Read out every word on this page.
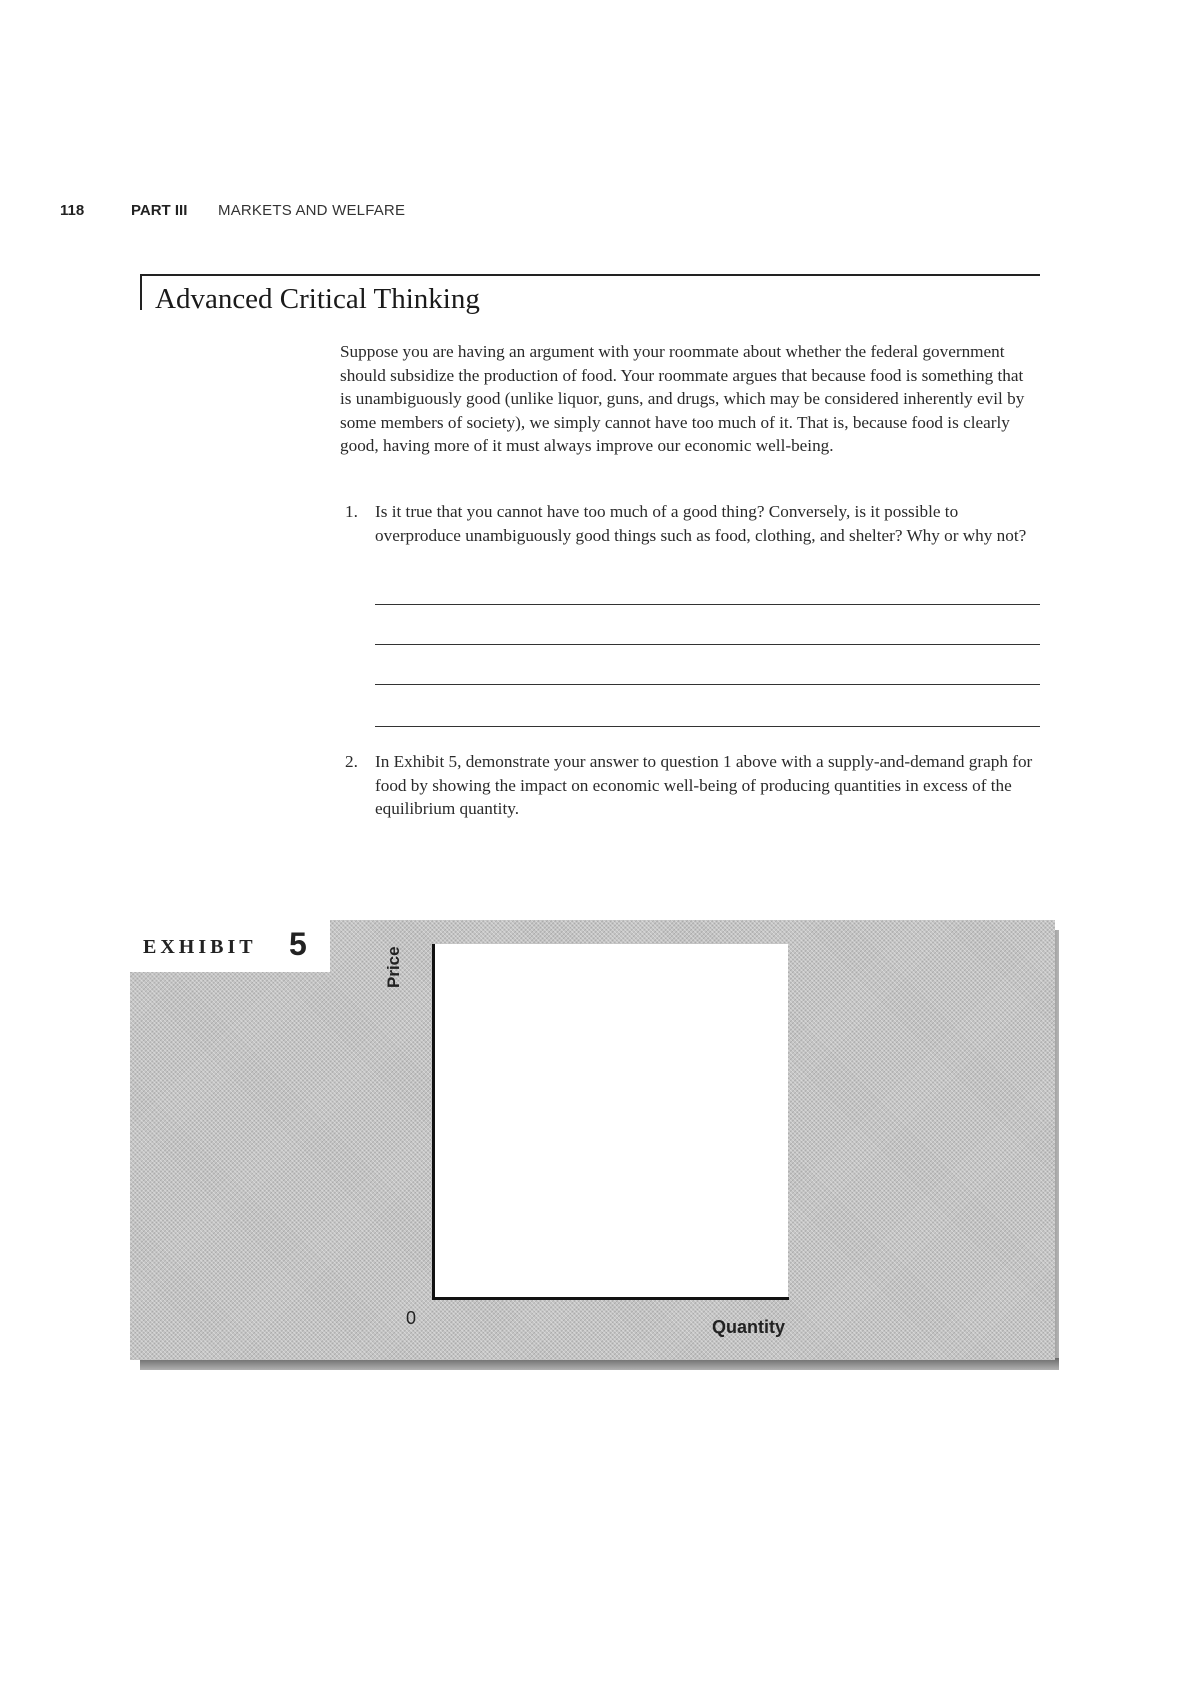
118	PART III MARKETS AND WELFARE
Advanced Critical Thinking
Suppose you are having an argument with your roommate about whether the federal government should subsidize the production of food. Your roommate argues that because food is something that is unambiguously good (unlike liquor, guns, and drugs, which may be considered inherently evil by some members of society), we simply cannot have too much of it. That is, because food is clearly good, having more of it must always improve our economic well-being.
1. Is it true that you cannot have too much of a good thing? Conversely, is it possible to overproduce unambiguously good things such as food, clothing, and shelter? Why or why not?
2. In Exhibit 5, demonstrate your answer to question 1 above with a supply-and-demand graph for food by showing the impact on economic well-being of producing quantities in excess of the equilibrium quantity.
EXHIBIT 5
Price
Quantity
0
